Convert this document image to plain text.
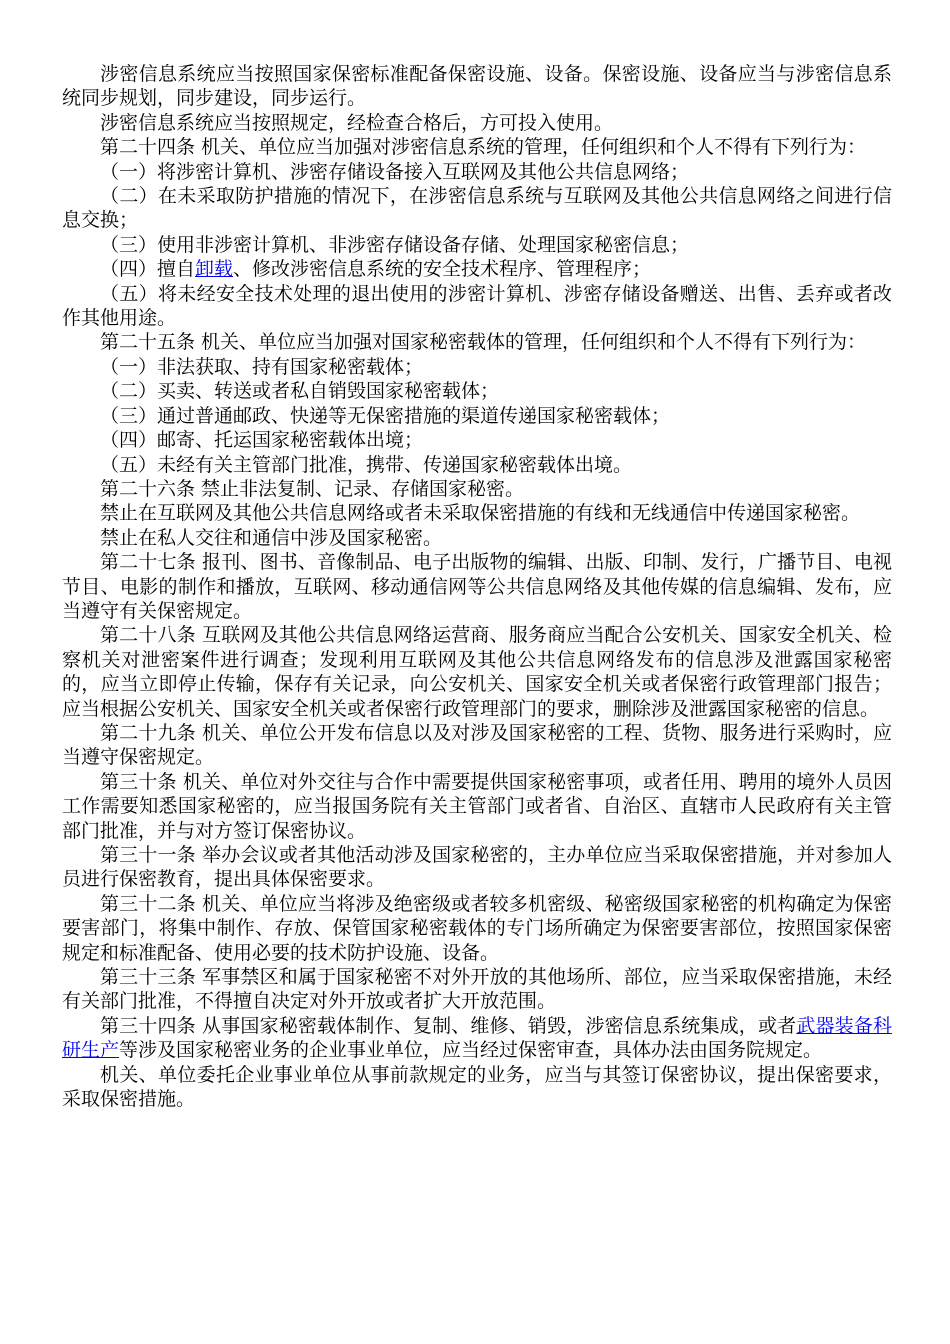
涉密信息系统应当按照国家保密标准配备保密设施、设备。保密设施、设备应当与涉密信息系统同步规划，同步建设，同步运行。

涉密信息系统应当按照规定，经检查合格后，方可投入使用。

第二十四条 机关、单位应当加强对涉密信息系统的管理，任何组织和个人不得有下列行为：

（一）将涉密计算机、涉密存储设备接入互联网及其他公共信息网络；

（二）在未采取防护措施的情况下，在涉密信息系统与互联网及其他公共信息网络之间进行信息交换；

（三）使用非涉密计算机、非涉密存储设备存储、处理国家秘密信息；

（四）擅自卸载、修改涉密信息系统的安全技术程序、管理程序；

（五）将未经安全技术处理的退出使用的涉密计算机、涉密存储设备赠送、出售、丢弃或者改作其他用途。

第二十五条 机关、单位应当加强对国家秘密载体的管理，任何组织和个人不得有下列行为：

（一）非法获取、持有国家秘密载体；

（二）买卖、转送或者私自销毁国家秘密载体；

（三）通过普通邮政、快递等无保密措施的渠道传递国家秘密载体；

（四）邮寄、托运国家秘密载体出境；

（五）未经有关主管部门批准，携带、传递国家秘密载体出境。

第二十六条 禁止非法复制、记录、存储国家秘密。

禁止在互联网及其他公共信息网络或者未采取保密措施的有线和无线通信中传递国家秘密。

禁止在私人交往和通信中涉及国家秘密。

第二十七条 报刊、图书、音像制品、电子出版物的编辑、出版、印制、发行，广播节目、电视节目、电影的制作和播放，互联网、移动通信网等公共信息网络及其他传媒的信息编辑、发布，应当遵守有关保密规定。

第二十八条 互联网及其他公共信息网络运营商、服务商应当配合公安机关、国家安全机关、检察机关对泄密案件进行调查；发现利用互联网及其他公共信息网络发布的信息涉及泄露国家秘密的，应当立即停止传输，保存有关记录，向公安机关、国家安全机关或者保密行政管理部门报告；应当根据公安机关、国家安全机关或者保密行政管理部门的要求，删除涉及泄露国家秘密的信息。

第二十九条 机关、单位公开发布信息以及对涉及国家秘密的工程、货物、服务进行采购时，应当遵守保密规定。

第三十条 机关、单位对外交往与合作中需要提供国家秘密事项，或者任用、聘用的境外人员因工作需要知悉国家秘密的，应当报国务院有关主管部门或者省、自治区、直辖市人民政府有关主管部门批准，并与对方签订保密协议。

第三十一条 举办会议或者其他活动涉及国家秘密的，主办单位应当采取保密措施，并对参加人员进行保密教育，提出具体保密要求。

第三十二条 机关、单位应当将涉及绝密级或者较多机密级、秘密级国家秘密的机构确定为保密要害部门，将集中制作、存放、保管国家秘密载体的专门场所确定为保密要害部位，按照国家保密规定和标准配备、使用必要的技术防护设施、设备。

第三十三条 军事禁区和属于国家秘密不对外开放的其他场所、部位，应当采取保密措施，未经有关部门批准，不得擅自决定对外开放或者扩大开放范围。

第三十四条 从事国家秘密载体制作、复制、维修、销毁，涉密信息系统集成，或者武器装备科研生产等涉及国家秘密业务的企业事业单位，应当经过保密审查，具体办法由国务院规定。

机关、单位委托企业事业单位从事前款规定的业务，应当与其签订保密协议，提出保密要求，采取保密措施。
